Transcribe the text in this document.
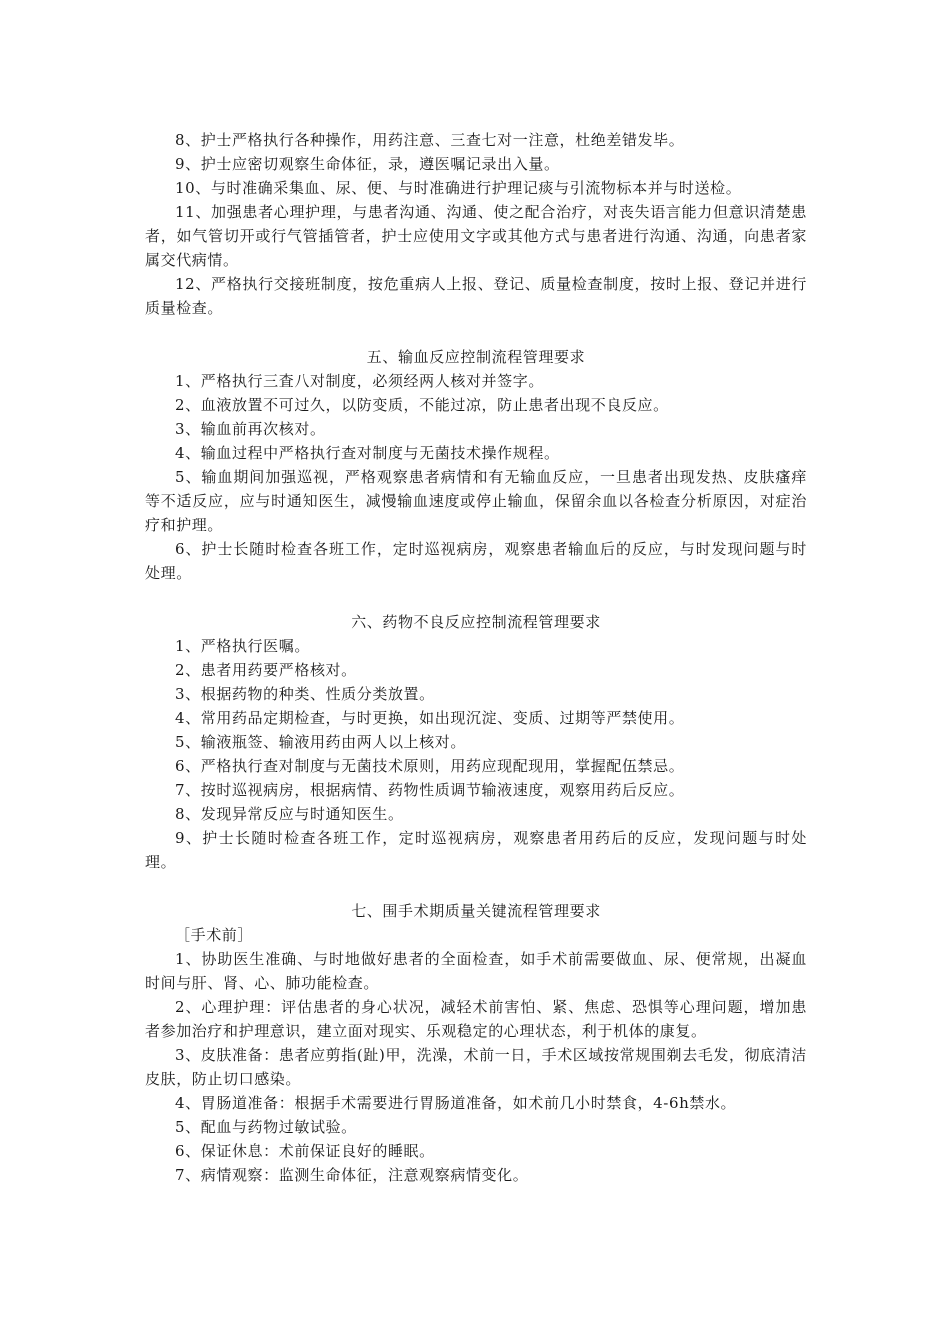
8、护士严格执行各种操作，用药注意、三查七对一注意，杜绝差错发毕。

9、护士应密切观察生命体征，录，遵医嘱记录出入量。

10、与时准确采集血、尿、便、与时准确进行护理记痰与引流物标本并与时送检。

11、加强患者心理护理，与患者沟通、沟通、使之配合治疗，对丧失语言能力但意识清楚患者，如气管切开或行气管插管者，护士应使用文字或其他方式与患者进行沟通、沟通，向患者家属交代病情。

12、严格执行交接班制度，按危重病人上报、登记、质量检查制度，按时上报、登记并进行质量检查。

五、输血反应控制流程管理要求

1、严格执行三査八对制度，必须经两人核对并签字。

2、血液放置不可过久，以防变质，不能过凉，防止患者出现不良反应。

3、输血前再次核对。

4、输血过程中严格执行查对制度与无菌技术操作规程。

5、输血期间加强巡视，严格观察患者病情和有无输血反应，一旦患者出现发热、皮肤瘙痒等不适反应，应与时通知医生，减慢输血速度或停止输血，保留余血以各检查分析原因，对症治疗和护理。

6、护士长随时检查各班工作，定时巡视病房，观察患者输血后的反应，与时发现问题与时处理。

六、药物不良反应控制流程管理要求

1、严格执行医嘱。

2、患者用药要严格核对。

3、根据药物的种类、性质分类放置。

4、常用药品定期检查，与时更换，如出现沉淀、变质、过期等严禁使用。

5、输液瓶签、输液用药由两人以上核对。

6、严格执行查对制度与无菌技术原则，用药应现配现用，掌握配伍禁忌。

7、按时巡视病房，根据病情、药物性质调节输液速度，观察用药后反应。

8、发现异常反应与时通知医生。

9、护士长随时检查各班工作，定时巡视病房，观察患者用药后的反应，发现问题与时处理。

七、围手术期质量关键流程管理要求

［手术前］

1、协助医生准确、与时地做好患者的全面检查，如手术前需要做血、尿、便常规，出凝血时间与肝、肾、心、肺功能检查。

2、心理护理：评估患者的身心状况，减轻术前害怕、紧、焦虑、恐惧等心理问题，增加患者参加治疗和护理意识，建立面对现实、乐观稳定的心理状态，利于机体的康复。

3、皮肤准备：患者应剪指(趾)甲，洗澡，术前一日，手术区域按常规围剃去毛发，彻底清洁皮肤，防止切口感染。

4、胃肠道准备：根据手术需要进行胃肠道准备，如术前几小时禁食，4-6h禁水。

5、配血与药物过敏试验。

6、保证休息：术前保证良好的睡眠。

7、病情观察：监测生命体征，注意观察病情变化。
